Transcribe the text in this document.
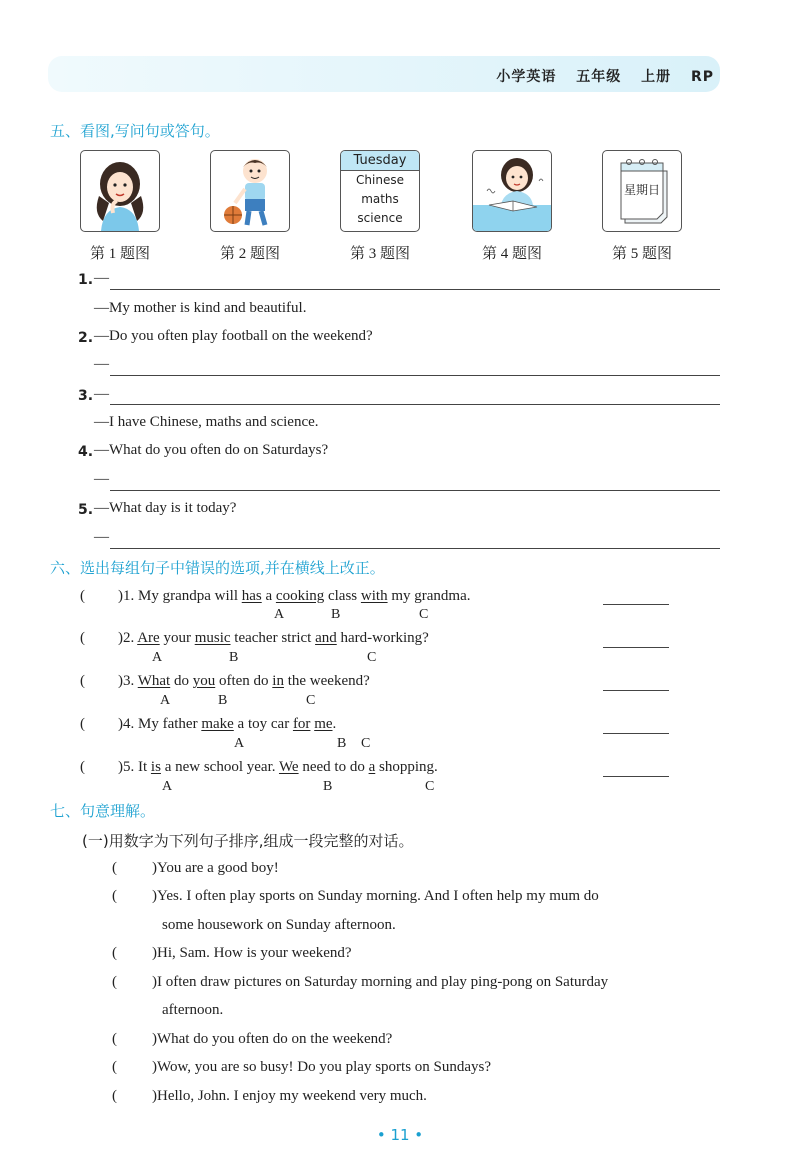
小学英语 五年级 上册 RP
五、看图,写问句或答句。
Tuesday
Chinese
maths
science
星期日
第 1 题图	第 2 题图	第 3 题图	第 4 题图	第 5 题图
1. —
—My mother is kind and beautiful.
2. —Do you often play football on the weekend?
—
3. —
—I have Chinese, maths and science.
4. —What do you often do on Saturdays?
—
5. —What day is it today?
—
六、选出每组句子中错误的选项,并在横线上改正。
( )1. My grandpa will has a cooking class with my grandma.
A	B	C
( )2. Are your music teacher strict and hard-working?
A	B	C
( )3. What do you often do in the weekend?
A	B	C
( )4. My father make a toy car for me.
A	B C
( )5. It is a new school year. We need to do a shopping.
A	B	C
七、句意理解。
(一)用数字为下列句子排序,组成一段完整的对话。
( )You are a good boy!
( )Yes. I often play sports on Sunday morning. And I often help my mum do
some housework on Sunday afternoon.
( )Hi, Sam. How is your weekend?
( )I often draw pictures on Saturday morning and play ping-pong on Saturday
afternoon.
( )What do you often do on the weekend?
( )Wow, you are so busy! Do you play sports on Sundays?
( )Hello, John. I enjoy my weekend very much.
• 11 •
